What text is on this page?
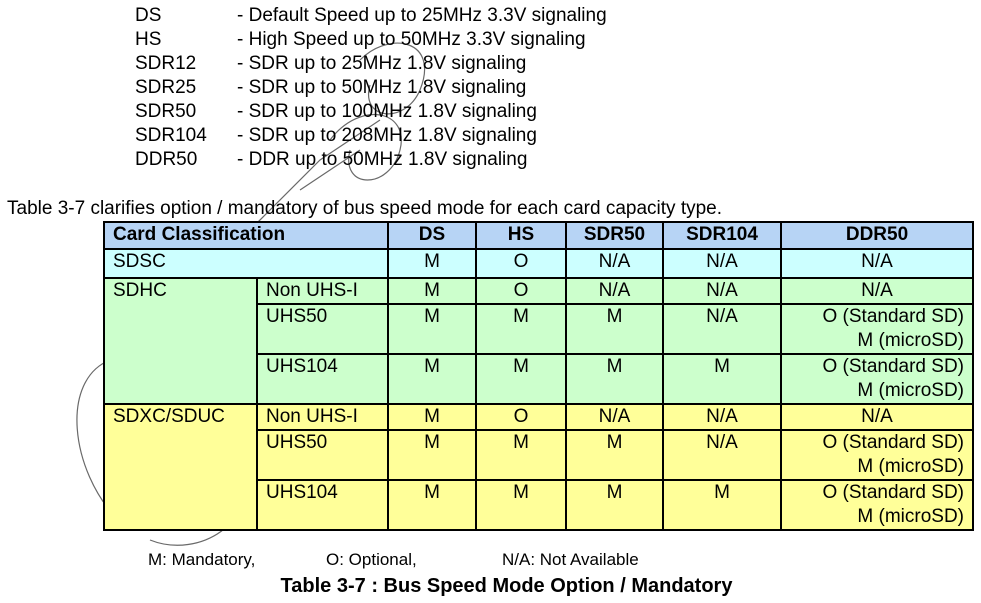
DS	- Default Speed up to 25MHz 3.3V signaling
HS	- High Speed up to 50MHz 3.3V signaling
SDR12	- SDR up to 25MHz 1.8V signaling
SDR25	- SDR up to 50MHz 1.8V signaling
SDR50	- SDR up to 100MHz 1.8V signaling
SDR104	- SDR up to 208MHz 1.8V signaling
DDR50	- DDR up to 50MHz 1.8V signaling
Table 3-7 clarifies option / mandatory of bus speed mode for each card capacity type.
Card Classification		DS	HS	SDR50	SDR104	DDR50
SDSC		M	O	N/A	N/A	N/A
SDHC	Non UHS-I	M	O	N/A	N/A	N/A
	UHS50	M	M	M	N/A	O (Standard SD)
M (microSD)

	UHS104	M	M	M	M	O (Standard SD)
M (microSD)

SDXC/SDUC	Non UHS-I	M	O	N/A	N/A	N/A
	UHS50	M	M	M	N/A	O (Standard SD)
M (microSD)

	UHS104	M	M	M	M	O (Standard SD)
M (microSD)
M: Mandatory,	O: Optional,	N/A: Not Available
Table 3-7 : Bus Speed Mode Option / Mandatory
